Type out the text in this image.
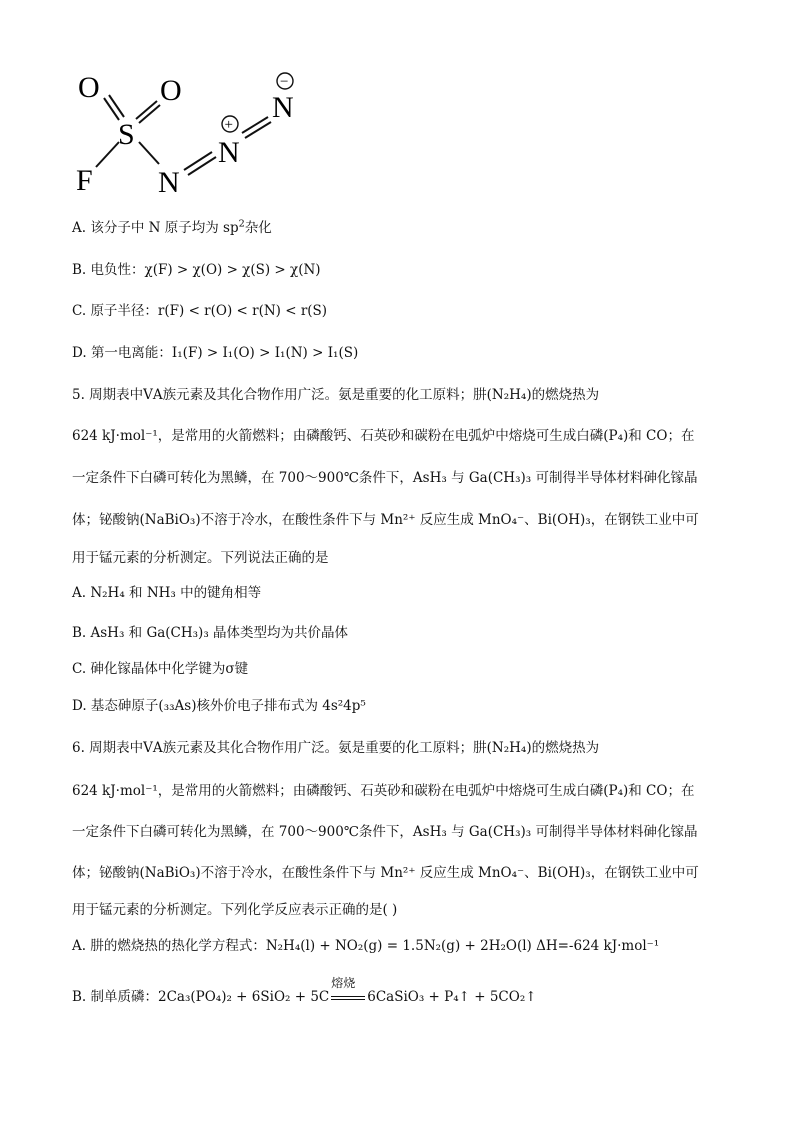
O O
S
F N
N
N
+
−
A. 该分子中 N 原子均为 $sp^2$杂化
B. 电负性：χ(F) > χ(O) > χ(S) > χ(N)
C. 原子半径：r(F) < r(O) < r(N) < r(S)
D. 第一电离能：I₁(F) > I₁(O) > I₁(N) > I₁(S)
5. 周期表中ⅤA族元素及其化合物作用广泛。氨是重要的化工原料；肼(N₂H₄)的燃烧热为
624 kJ·mol⁻¹，是常用的火箭燃料；由磷酸钙、石英砂和碳粉在电弧炉中熔烧可生成白磷(P₄)和 CO；在
一定条件下白磷可转化为黑鳞，在 700～900℃条件下，AsH₃ 与 Ga(CH₃)₃ 可制得半导体材料砷化镓晶
体；铋酸钠(NaBiO₃)不溶于冷水，在酸性条件下与 Mn²⁺ 反应生成 MnO₄⁻、Bi(OH)₃，在钢铁工业中可
用于锰元素的分析测定。下列说法正确的是
A. N₂H₄ 和 NH₃ 中的键角相等
B. AsH₃ 和 Ga(CH₃)₃ 晶体类型均为共价晶体
C. 砷化镓晶体中化学键为σ键
D. 基态砷原子(₃₃As)核外价电子排布式为 4s²4p⁵
6. 周期表中ⅤA族元素及其化合物作用广泛。氨是重要的化工原料；肼(N₂H₄)的燃烧热为
624 kJ·mol⁻¹，是常用的火箭燃料；由磷酸钙、石英砂和碳粉在电弧炉中熔烧可生成白磷(P₄)和 CO；在
一定条件下白磷可转化为黑鳞，在 700～900℃条件下，AsH₃ 与 Ga(CH₃)₃ 可制得半导体材料砷化镓晶
体；铋酸钠(NaBiO₃)不溶于冷水，在酸性条件下与 Mn²⁺ 反应生成 MnO₄⁻、Bi(OH)₃，在钢铁工业中可
用于锰元素的分析测定。下列化学反应表示正确的是( )
A. 肼的燃烧热的热化学方程式：N₂H₄(l) + NO₂(g) = 1.5N₂(g) + 2H₂O(l) ΔH=-624 kJ·mol⁻¹
B. 制单质磷：2Ca₃(PO₄)₂ + 6SiO₂ + 5C
熔烧
6CaSiO₃ + P₄↑ + 5CO₂↑
